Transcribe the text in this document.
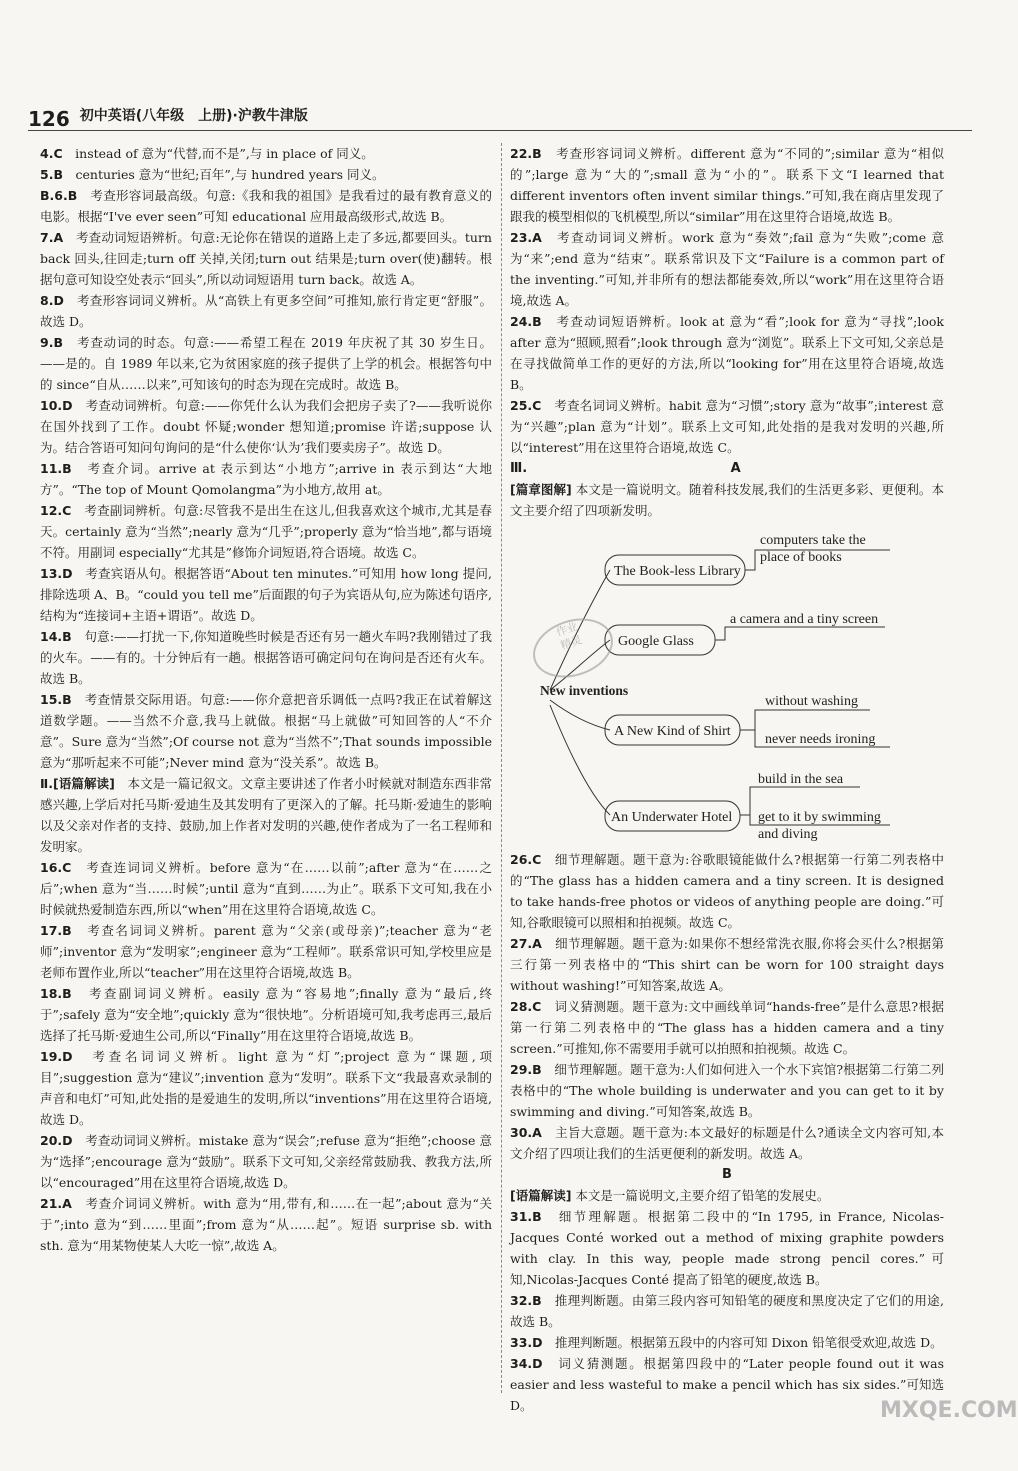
126 初中英语(八年级　上册)·沪教牛津版

4.C　 instead of 意为“代替,而不是”,与 in place of 同义。

5.B　 centuries 意为“世纪;百年”,与 hundred years 同义。

B.6.B　 考查形容词最高级。句意:《我和我的祖国》是我看过的最有教育意义的电影。根据“I've ever seen”可知 educational 应用最高级形式,故选 B。

7.A　 考查动词短语辨析。句意:无论你在错误的道路上走了多远,都要回头。turn back 回头,往回走;turn off 关掉,关闭;turn out 结果是;turn over(使)翻转。根据句意可知设空处表示“回头”,所以动词短语用 turn back。故选 A。

8.D　 考查形容词词义辨析。从“高铁上有更多空间”可推知,旅行肯定更“舒服”。故选 D。

9.B　 考查动词的时态。句意:——希望工程在 2019 年庆祝了其 30 岁生日。——是的。自 1989 年以来,它为贫困家庭的孩子提供了上学的机会。根据答句中的 since“自从……以来”,可知该句的时态为现在完成时。故选 B。

10.D　 考查动词辨析。句意:——你凭什么认为我们会把房子卖了?——我听说你在国外找到了工作。doubt 怀疑;wonder 想知道;promise 许诺;suppose 认为。结合答语可知问句询问的是“什么使你‘认为’我们要卖房子”。故选 D。

11.B　 考查介词。arrive at 表示到达“小地方”;arrive in 表示到达“大地方”。“The top of Mount Qomolangma”为小地方,故用 at。

12.C　 考查副词辨析。句意:尽管我不是出生在这儿,但我喜欢这个城市,尤其是春天。certainly 意为“当然”;nearly 意为“几乎”;properly 意为“恰当地”,都与语境不符。用副词 especially“尤其是”修饰介词短语,符合语境。故选 C。

13.D　 考查宾语从句。根据答语“About ten minutes.”可知用 how long 提问,排除选项 A、B。“could you tell me”后面跟的句子为宾语从句,应为陈述句语序,结构为“连接词+主语+谓语”。故选 D。

14.B　 句意:——打扰一下,你知道晚些时候是否还有另一趟火车吗?我刚错过了我的火车。——有的。十分钟后有一趟。根据答语可确定问句在询问是否还有火车。故选 B。

15.B　 考查情景交际用语。句意:——你介意把音乐调低一点吗?我正在试着解这道数学题。——当然不介意,我马上就做。根据“马上就做”可知回答的人“不介意”。Sure 意为“当然”;Of course not 意为“当然不”;That sounds impossible 意为“那听起来不可能”;Never mind 意为“没关系”。故选 B。

Ⅱ.[语篇解读]　 本文是一篇记叙文。文章主要讲述了作者小时候就对制造东西非常感兴趣,上学后对托马斯·爱迪生及其发明有了更深入的了解。托马斯·爱迪生的影响以及父亲对作者的支持、鼓励,加上作者对发明的兴趣,使作者成为了一名工程师和发明家。

16.C　 考查连词词义辨析。before 意为“在……以前”;after 意为“在……之后”;when 意为“当……时候”;until 意为“直到……为止”。联系下文可知,我在小时候就热爱制造东西,所以“when”用在这里符合语境,故选 C。

17.B　 考查名词词义辨析。parent 意为“父亲(或母亲)”;teacher 意为“老师”;inventor 意为“发明家”;engineer 意为“工程师”。联系常识可知,学校里应是老师布置作业,所以“teacher”用在这里符合语境,故选 B。

18.B　 考查副词词义辨析。easily 意为“容易地”;finally 意为“最后,终于”;safely 意为“安全地”;quickly 意为“很快地”。分析语境可知,我考虑再三,最后选择了托马斯·爱迪生公司,所以“Finally”用在这里符合语境,故选 B。

19.D　 考查名词词义辨析。light 意为“灯”;project 意为“课题,项目”;suggestion 意为“建议”;invention 意为“发明”。联系下文“我最喜欢录制的声音和电灯”可知,此处指的是爱迪生的发明,所以“inventions”用在这里符合语境,故选 D。

20.D　 考查动词词义辨析。mistake 意为“误会”;refuse 意为“拒绝”;choose 意为“选择”;encourage 意为“鼓励”。联系下文可知,父亲经常鼓励我、教我方法,所以“encouraged”用在这里符合语境,故选 D。

21.A　 考查介词词义辨析。with 意为“用,带有,和……在一起”;about 意为“关于”;into 意为“到……里面”;from 意为“从……起”。短语 surprise sb. with sth. 意为“用某物使某人大吃一惊”,故选 A。

22.B　 考查形容词词义辨析。different 意为“不同的”;similar 意为“相似的”;large 意为“大的”;small 意为“小的”。联系下文“I learned that different inventors often invent similar things.”可知,我在商店里发现了跟我的模型相似的飞机模型,所以“similar”用在这里符合语境,故选 B。

23.A　 考查动词词义辨析。work 意为“奏效”;fail 意为“失败”;come 意为“来”;end 意为“结束”。联系常识及下文“Failure is a common part of the inventing.”可知,并非所有的想法都能奏效,所以“work”用在这里符合语境,故选 A。

24.B　 考查动词短语辨析。look at 意为“看”;look for 意为“寻找”;look after 意为“照顾,照看”;look through 意为“浏览”。联系上下文可知,父亲总是在寻找做简单工作的更好的方法,所以“looking for”用在这里符合语境,故选 B。

25.C　 考查名词词义辨析。habit 意为“习惯”;story 意为“故事”;interest 意为“兴趣”;plan 意为“计划”。联系上文可知,此处指的是我对发明的兴趣,所以“interest”用在这里符合语境,故选 C。

Ⅲ.	A

[篇章图解] 本文是一篇说明文。随着科技发展,我们的生活更多彩、更便利。本文主要介绍了四项新发明。

作业
精灵
New inventions
The Book-less Library
computers take the
place of books
Google Glass
a camera and a tiny screen
A New Kind of Shirt
without washing
never needs ironing
An Underwater Hotel
build in the sea
get to it by swimming
and diving

26.C　 细节理解题。题干意为:谷歌眼镜能做什么?根据第一行第二列表格中的“The glass has a hidden camera and a tiny screen. It is designed to take hands-free photos or videos of anything people are doing.”可知,谷歌眼镜可以照相和拍视频。故选 C。

27.A　 细节理解题。题干意为:如果你不想经常洗衣服,你将会买什么?根据第三行第一列表格中的“This shirt can be worn for 100 straight days without washing!”可知答案,故选 A。

28.C　 词义猜测题。题干意为:文中画线单词“hands-free”是什么意思?根据第一行第二列表格中的“The glass has a hidden camera and a tiny screen.”可推知,你不需要用手就可以拍照和拍视频。故选 C。

29.B　 细节理解题。题干意为:人们如何进入一个水下宾馆?根据第二行第二列表格中的“The whole building is underwater and you can get to it by swimming and diving.”可知答案,故选 B。

30.A　 主旨大意题。题干意为:本文最好的标题是什么?通读全文内容可知,本文介绍了四项让我们的生活更便利的新发明。故选 A。

B

[语篇解读] 本文是一篇说明文,主要介绍了铅笔的发展史。

31.B　 细节理解题。根据第二段中的“In 1795, in France, Nicolas-Jacques Conté worked out a method of mixing graphite powders with clay. In this way, people made strong pencil cores.”可知,Nicolas-Jacques Conté 提高了铅笔的硬度,故选 B。

32.B　 推理判断题。由第三段内容可知铅笔的硬度和黑度决定了它们的用途,故选 B。

33.D　 推理判断题。根据第五段中的内容可知 Dixon 铅笔很受欢迎,故选 D。

34.D　 词义猜测题。根据第四段中的“Later people found out it was easier and less wasteful to make a pencil which has six sides.”可知选 D。	MXQE.COM
